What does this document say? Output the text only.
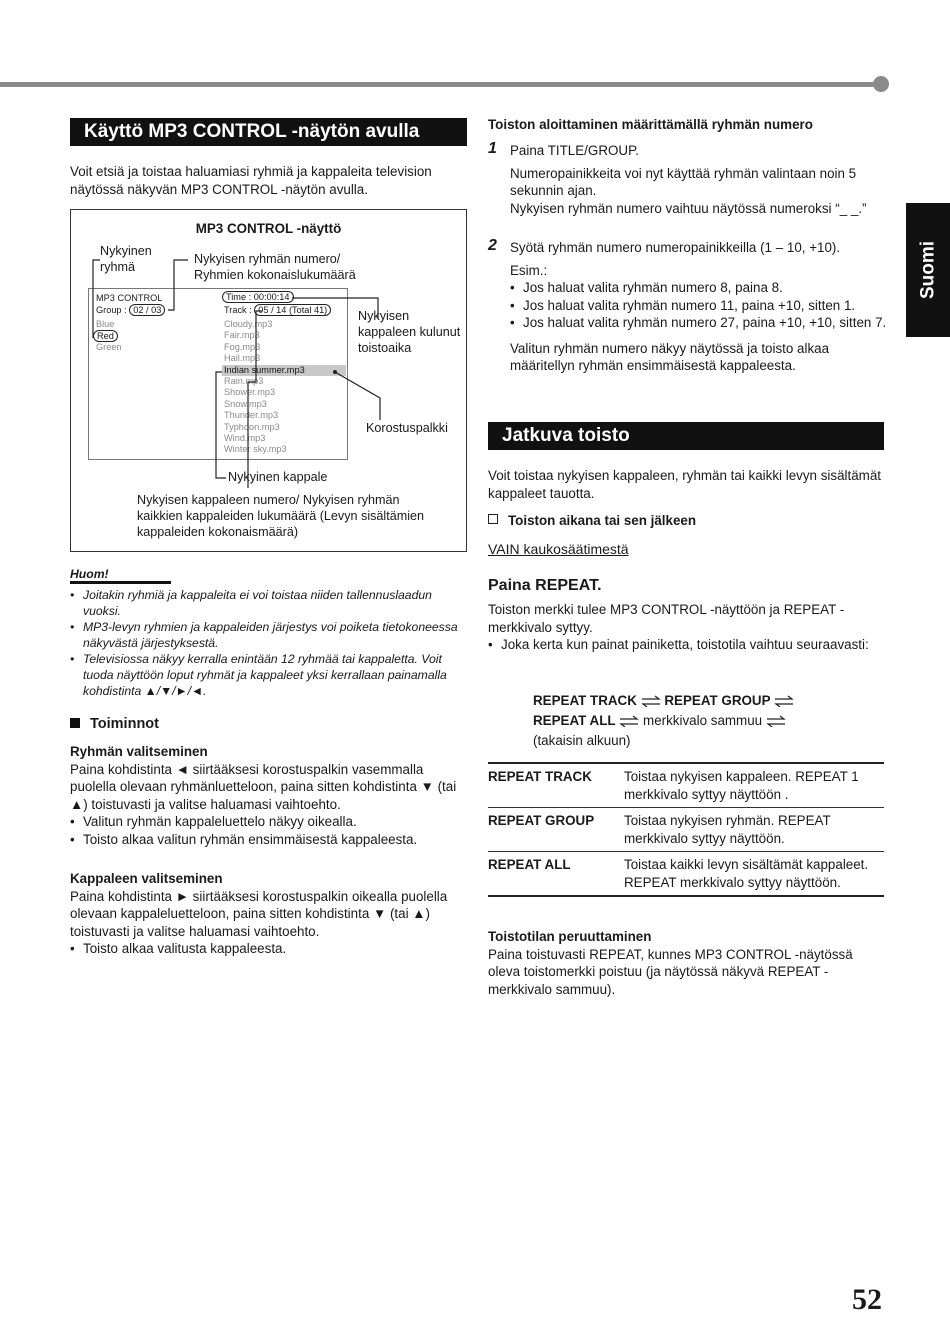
Suomi
Käyttö MP3 CONTROL -näytön avulla

Voit etsiä ja toistaa haluamiasi ryhmiä ja kappaleita television näytössä näkyvän MP3 CONTROL -näytön avulla.

MP3 CONTROL -näyttö
Nykyinen ryhmä
Nykyisen ryhmän numero/ Ryhmien kokonaislukumäärä
Nykyisen kappaleen kulunut toistoaika
Korostuspalkki
Nykyinen kappale
Nykyisen kappaleen numero/ Nykyisen ryhmän kaikkien kappaleiden lukumäärä (Levyn sisältämien kappaleiden kokonaismäärä)
MP3 CONTROL
Group : 02 / 03
Blue
Red
Green
Time : 00:00:14
Track : 05 / 14 (Total 41)
Cloudy.mp3
Fair.mp3
Fog.mp3
Hail.mp3
Indian summer.mp3
Rain.mp3
Shower.mp3
Snow.mp3
Thunder.mp3
Typhoon.mp3
Wind.mp3
Winter sky.mp3
Huom!
• Joitakin ryhmiä ja kappaleita ei voi toistaa niiden tallennuslaadun vuoksi.
• MP3-levyn ryhmien ja kappaleiden järjestys voi poiketa tietokoneessa näkyvästä järjestyksestä.
• Televisiossa näkyy kerralla enintään 12 ryhmää tai kappaletta. Voit tuoda näyttöön loput ryhmät ja kappaleet yksi kerrallaan painamalla kohdistinta ▲/▼/►/◄.
Toiminnot

Ryhmän valitseminen

Paina kohdistinta ◄ siirtääksesi korostuspalkin vasemmalla puolella olevaan ryhmänluetteloon, paina sitten kohdistinta ▼ (tai ▲) toistuvasti ja valitse haluamasi vaihtoehto.

• Valitun ryhmän kappaleluettelo näkyy oikealla.
• Toisto alkaa valitun ryhmän ensimmäisestä kappaleesta.

Kappaleen valitseminen

Paina kohdistinta ► siirtääksesi korostuspalkin oikealla puolella olevaan kappaleluetteloon, paina sitten kohdistinta ▼ (tai ▲) toistuvasti ja valitse haluamasi vaihtoehto.

• Toisto alkaa valitusta kappaleesta.

Toiston aloittaminen määrittämällä ryhmän numero

1 Paina TITLE/GROUP.

Numeropainikkeita voi nyt käyttää ryhmän valintaan noin 5 sekunnin ajan.

Nykyisen ryhmän numero vaihtuu näytössä numeroksi “_ _.”

2 Syötä ryhmän numero numeropainikkeilla (1 – 10, +10).

Esim.:

• Jos haluat valita ryhmän numero 8, paina 8.
• Jos haluat valita ryhmän numero 11, paina +10, sitten 1.
• Jos haluat valita ryhmän numero 27, paina +10, +10, sitten 7.

Valitun ryhmän numero näkyy näytössä ja toisto alkaa määritellyn ryhmän ensimmäisestä kappaleesta.

Jatkuva toisto

Voit toistaa nykyisen kappaleen, ryhmän tai kaikki levyn sisältämät kappaleet tauotta.

Toiston aikana tai sen jälkeen

VAIN kaukosäätimestä

Paina REPEAT.

Toiston merkki tulee MP3 CONTROL -näyttöön ja REPEAT -merkkivalo syttyy.

• Joka kerta kun painat painiketta, toistotila vaihtuu seuraavasti:
REPEAT TRACK REPEAT GROUP
REPEAT ALL merkkivalo sammuu
(takaisin alkuun)
REPEAT TRACK	Toistaa nykyisen kappaleen. REPEAT 1 merkkivalo syttyy näyttöön .
REPEAT GROUP	Toistaa nykyisen ryhmän. REPEAT merkkivalo syttyy näyttöön.
REPEAT ALL	Toistaa kaikki levyn sisältämät kappaleet. REPEAT merkkivalo syttyy näyttöön.

Toistotilan peruuttaminen

Paina toistuvasti REPEAT, kunnes MP3 CONTROL -näytössä oleva toistomerkki poistuu (ja näytössä näkyvä REPEAT -merkkivalo sammuu).

52
